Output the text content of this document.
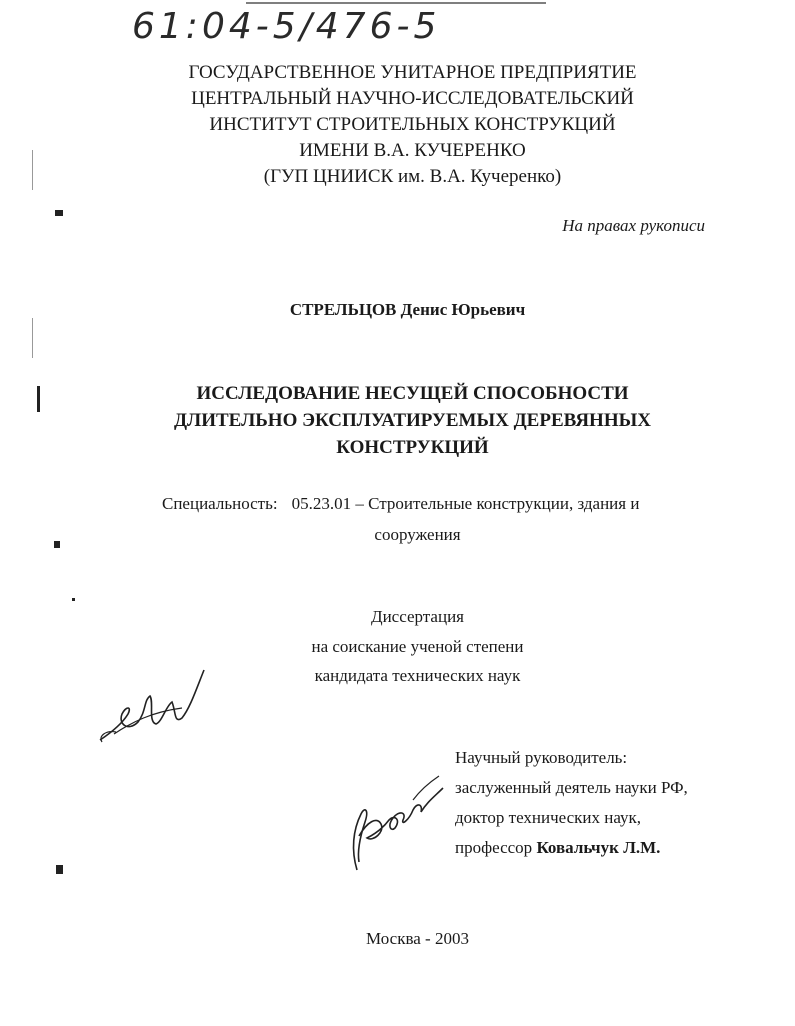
61:04-5/476-5
ГОСУДАРСТВЕННОЕ УНИТАРНОЕ ПРЕДПРИЯТИЕ
ЦЕНТРАЛЬНЫЙ НАУЧНО-ИССЛЕДОВАТЕЛЬСКИЙ
ИНСТИТУТ СТРОИТЕЛЬНЫХ КОНСТРУКЦИЙ
ИМЕНИ В.А. КУЧЕРЕНКО
(ГУП ЦНИИСК им. В.А. Кучеренко)
На правах рукописи
СТРЕЛЬЦОВ Денис Юрьевич
ИССЛЕДОВАНИЕ НЕСУЩЕЙ СПОСОБНОСТИ
ДЛИТЕЛЬНО ЭКСПЛУАТИРУЕМЫХ ДЕРЕВЯННЫХ
КОНСТРУКЦИЙ
Специальность: 05.23.01 – Строительные конструкции, здания и
сооружения
Диссертация
на соискание ученой степени
кандидата технических наук
Научный руководитель:
заслуженный деятель науки РФ,
доктор технических наук,
профессор Ковальчук Л.М.
Москва - 2003
